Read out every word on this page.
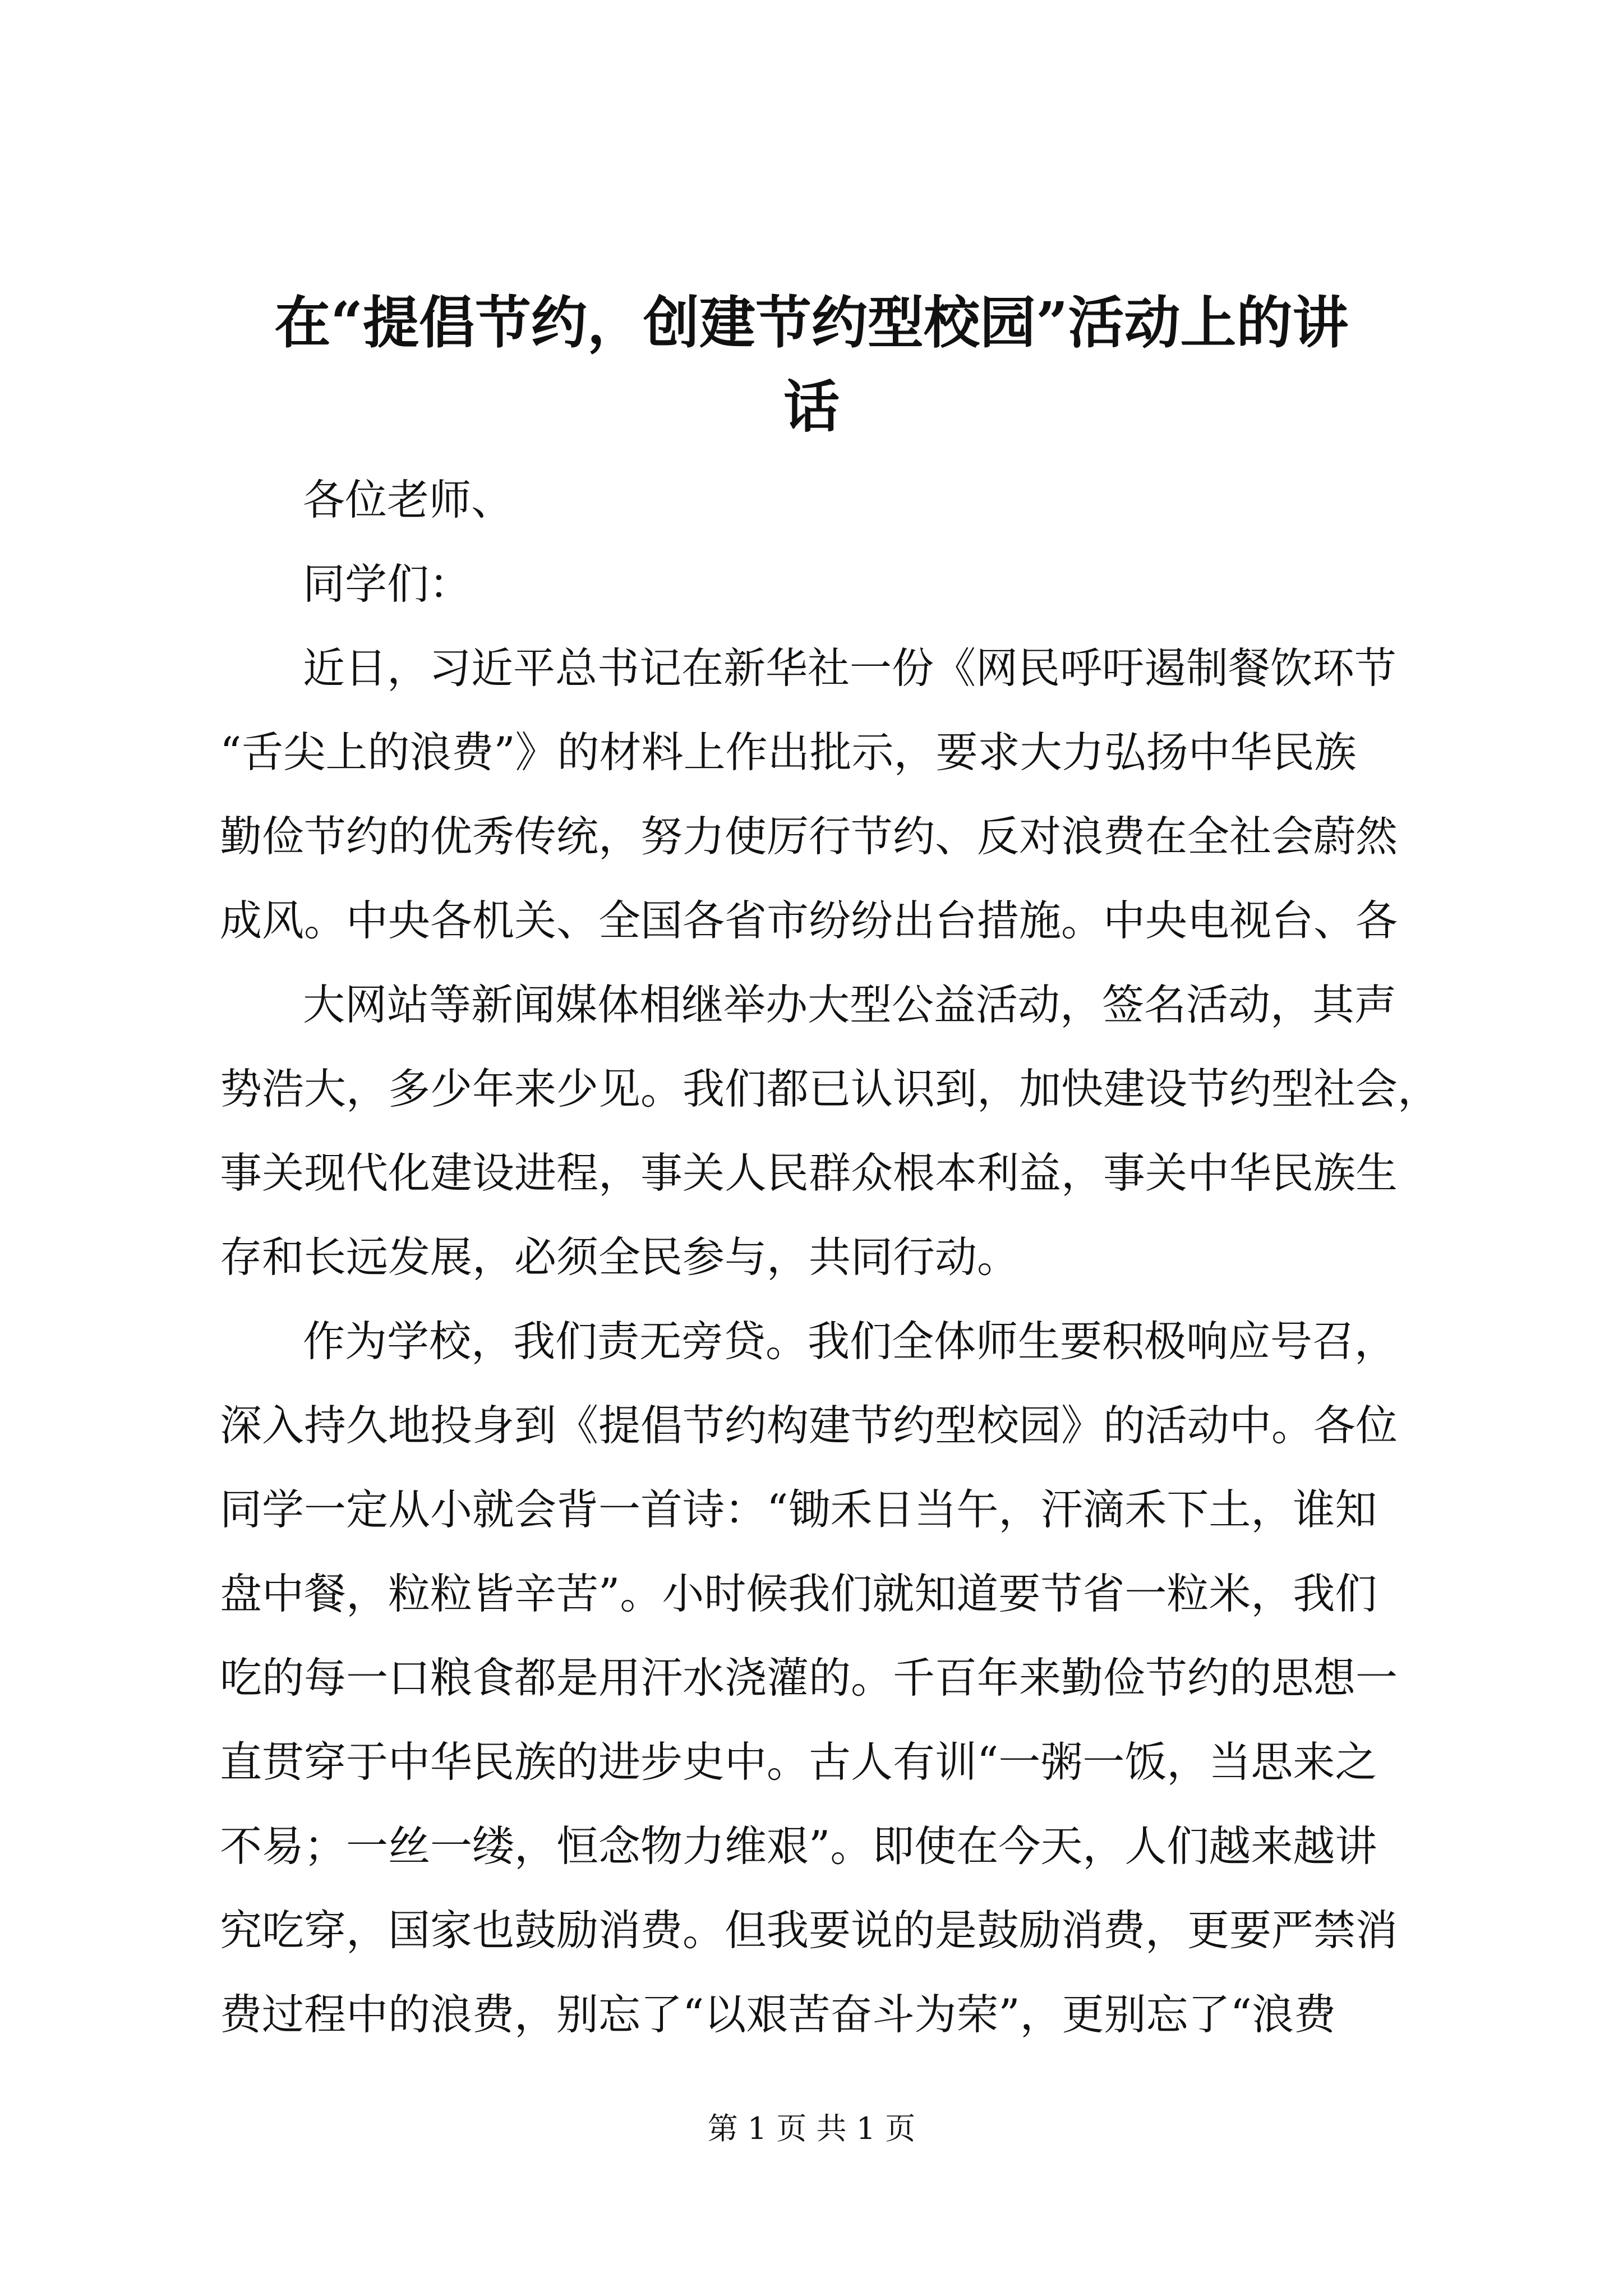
在“提倡节约，创建节约型校园”活动上的讲
话

各位老师、

同学们：

近日，习近平总书记在新华社一份《网民呼吁遏制餐饮环节

“舌尖上的浪费”》的材料上作出批示，要求大力弘扬中华民族

勤俭节约的优秀传统，努力使厉行节约、反对浪费在全社会蔚然

成风。中央各机关、全国各省市纷纷出台措施。中央电视台、各

大网站等新闻媒体相继举办大型公益活动，签名活动，其声

势浩大，多少年来少见。我们都已认识到，加快建设节约型社会，

事关现代化建设进程，事关人民群众根本利益，事关中华民族生

存和长远发展，必须全民参与，共同行动。

作为学校，我们责无旁贷。我们全体师生要积极响应号召，

深入持久地投身到《提倡节约构建节约型校园》的活动中。各位

同学一定从小就会背一首诗：“锄禾日当午，汗滴禾下土，谁知

盘中餐，粒粒皆辛苦”。小时候我们就知道要节省一粒米，我们

吃的每一口粮食都是用汗水浇灌的。千百年来勤俭节约的思想一

直贯穿于中华民族的进步史中。古人有训“一粥一饭，当思来之

不易；一丝一缕，恒念物力维艰”。即使在今天，人们越来越讲

究吃穿，国家也鼓励消费。但我要说的是鼓励消费，更要严禁消

费过程中的浪费，别忘了“以艰苦奋斗为荣”，更别忘了“浪费

第 1 页 共 1 页
